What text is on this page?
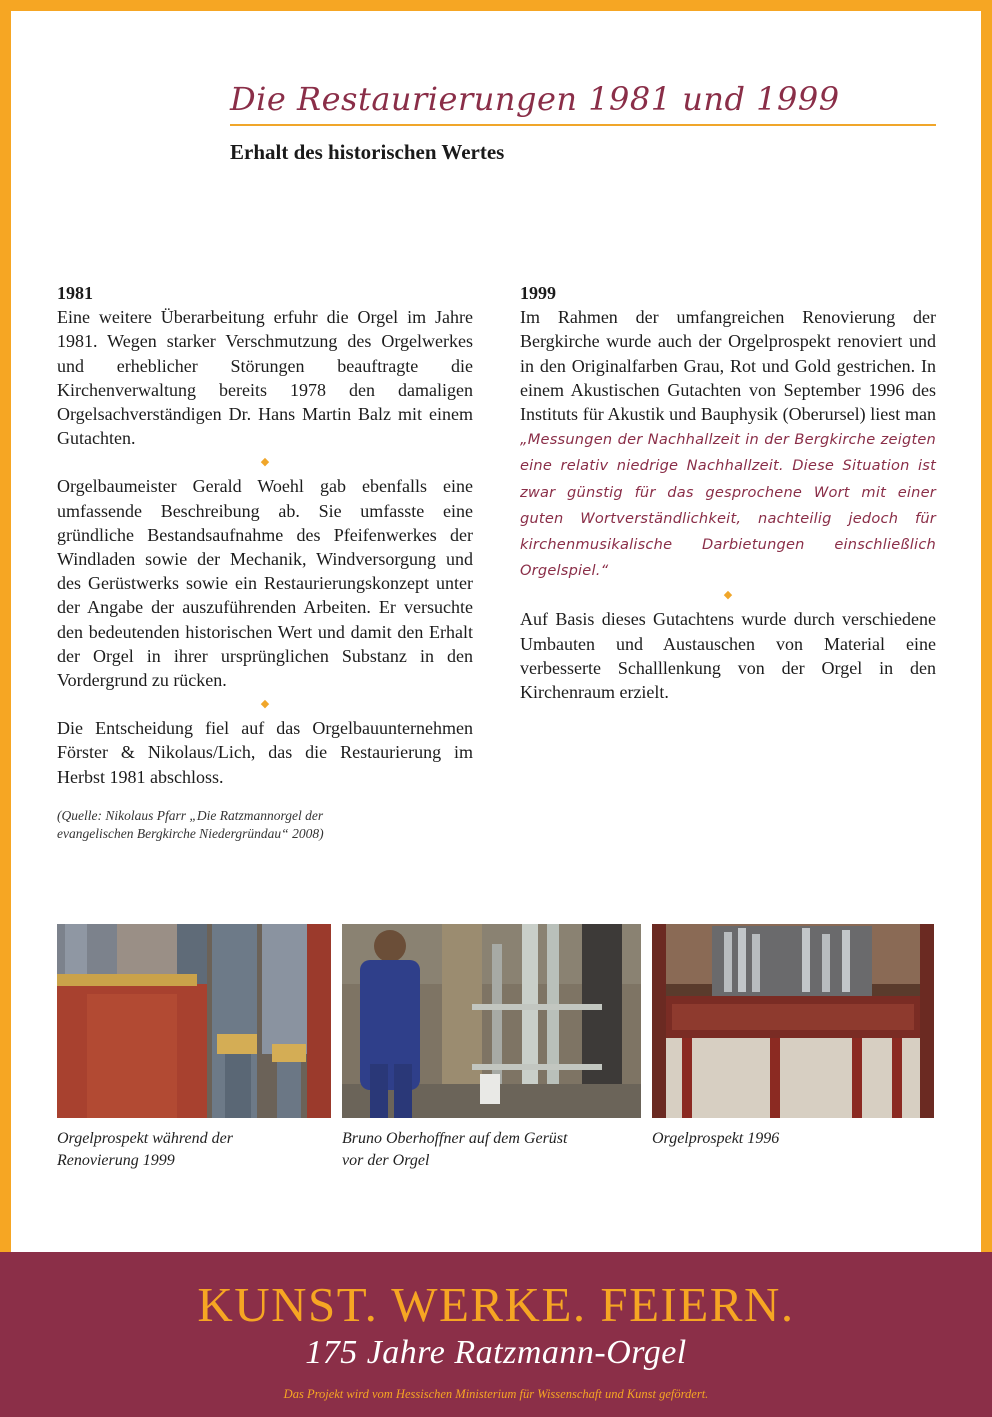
Die Restaurierungen 1981 und 1999
Erhalt des historischen Wertes

1981

Eine weitere Überarbeitung erfuhr die Orgel im Jahre 1981. Wegen starker Verschmutzung des Orgelwerkes und erheblicher Störungen beauftragte die Kirchenverwaltung bereits 1978 den damaligen Orgelsachverständigen Dr. Hans Martin Balz mit einem Gutachten.

◆

Orgelbaumeister Gerald Woehl gab ebenfalls eine umfassende Beschreibung ab. Sie umfasste eine gründliche Bestandsaufnahme des Pfeifenwerkes der Windladen sowie der Mechanik, Windversorgung und des Gerüstwerks sowie ein Restaurierungskonzept unter der Angabe der auszuführenden Arbeiten. Er versuchte den bedeutenden historischen Wert und damit den Erhalt der Orgel in ihrer ursprünglichen Substanz in den Vordergrund zu rücken.

◆

Die Entscheidung fiel auf das Orgelbauunternehmen Förster & Nikolaus/Lich, das die Restaurierung im Herbst 1981 abschloss.

(Quelle: Nikolaus Pfarr „Die Ratzmannorgel der
evangelischen Bergkirche Niedergründau“ 2008)

1999

Im Rahmen der umfangreichen Renovierung der Bergkirche wurde auch der Orgelprospekt renoviert und in den Originalfarben Grau, Rot und Gold gestrichen. In einem Akustischen Gutachten von September 1996 des Instituts für Akustik und Bauphysik (Oberursel) liest man „Messungen der Nachhallzeit in der Bergkirche zeigten eine relativ niedrige Nachhallzeit. Diese Situation ist zwar günstig für das gesprochene Wort mit einer guten Wortverständlichkeit, nachteilig jedoch für kirchenmusikalische Darbietungen einschließlich Orgelspiel.“

◆

Auf Basis dieses Gutachtens wurde durch verschiedene Umbauten und Austauschen von Material eine verbesserte Schalllenkung von der Orgel in den Kirchenraum erzielt.

Orgelprospekt während der
Renovierung 1999
Bruno Oberhoffner auf dem Gerüst
vor der Orgel
Orgelprospekt 1996
KUNST. WERKE. FEIERN.

175 Jahre Ratzmann-Orgel

Das Projekt wird vom Hessischen Ministerium für Wissenschaft und Kunst gefördert.
